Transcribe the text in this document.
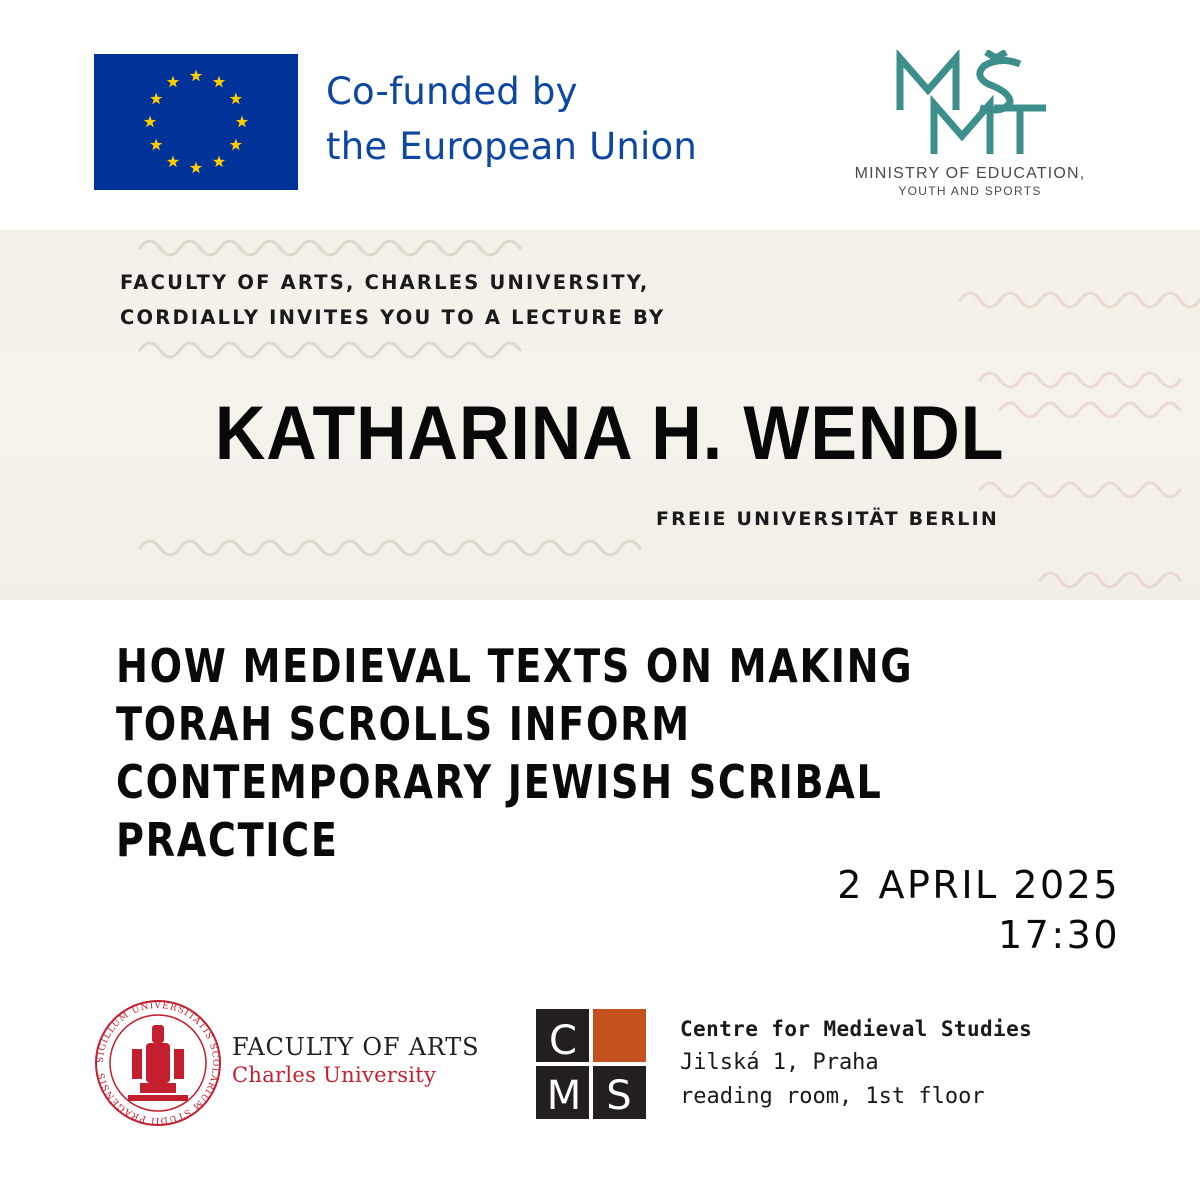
Co-funded by
the European Union
MINISTRY OF EDUCATION,
YOUTH AND SPORTS
FACULTY OF ARTS, CHARLES UNIVERSITY,
CORDIALLY INVITES YOU TO A LECTURE BY
KATHARINA H. WENDL
FREIE UNIVERSITÄT BERLIN
HOW MEDIEVAL TEXTS ON MAKING
TORAH SCROLLS INFORM
CONTEMPORARY JEWISH SCRIBAL
PRACTICE
2 APRIL 2025
17:30
SIGILLUM UNIVERSITATIS SCOLARIUM STUDII PRAGENSIS
FACULTY OF ARTS
Charles University
C
M S
Centre for Medieval Studies
Jilská 1, Praha
reading room, 1st floor
